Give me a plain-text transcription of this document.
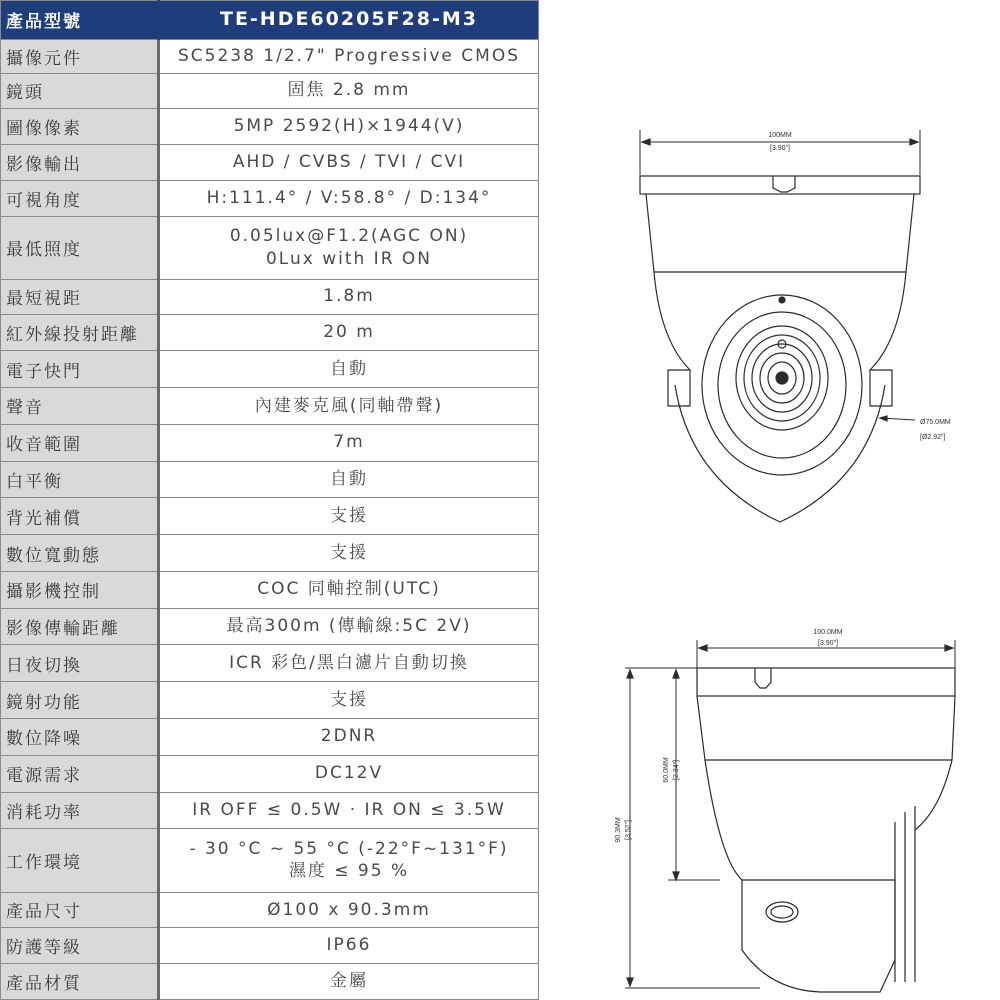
產品型號	TE-HDE60205F28-M3
攝像元件	SC5238 1/2.7" Progressive CMOS

鏡頭	固焦 2.8 mm

圖像像素	5MP 2592(H)×1944(V)

影像輸出	AHD / CVBS / TVI / CVI

可視角度	H:111.4° / V:58.8° / D:134°

最低照度	0.05lux@F1.2(AGC ON)
0Lux with IR ON

最短視距	1.8m

紅外線投射距離	20 m

電子快門	自動

聲音	內建麥克風(同軸帶聲)

收音範圍	7m

白平衡	自動

背光補償	支援

數位寬動態	支援

攝影機控制	COC 同軸控制(UTC)

影像傳輸距離	最高300m (傳輸線:5C 2V)

日夜切換	ICR 彩色/黑白濾片自動切換

鏡射功能	支援

數位降噪	2DNR

電源需求	DC12V

消耗功率	IR OFF ≤ 0.5W · IR ON ≤ 3.5W

工作環境	- 30 °C ~ 55 °C (-22°F~131°F)
濕度 ≤ 95 %

產品尺寸	Ø100 x 90.3mm

防護等級	IP66

產品材質	金屬
100MM
[3.90"]
Ø75.0MM
[Ø2.92"]
100.0MM
[3.90"]
60.0MM [2.34"]
90.3MM [3.52"]
